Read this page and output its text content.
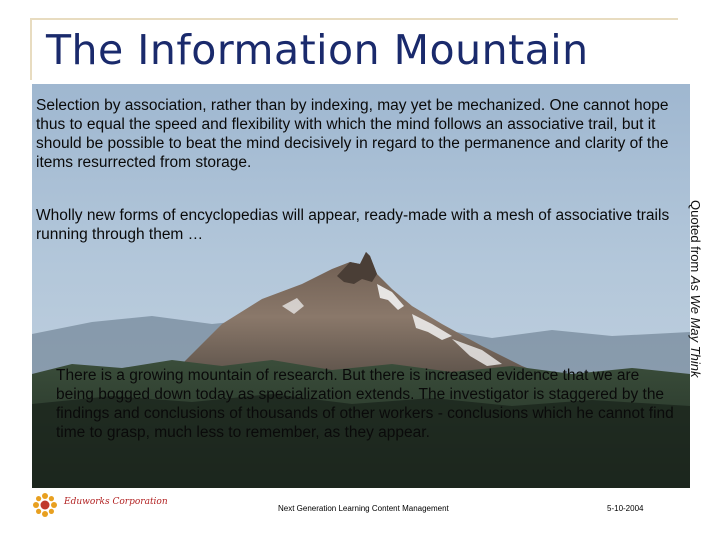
The Information Mountain
Selection by association, rather than by indexing, may yet be mechanized. One cannot hope thus to equal the speed and flexibility with which the mind follows an associative trail, but it should be possible to beat the mind decisively in regard to the permanence and clarity of the items resurrected from storage.
Wholly new forms of encyclopedias will appear, ready-made with a mesh of associative trails running through them …
There is a growing mountain of research. But there is increased evidence that we are being bogged down today as specialization extends. The investigator is staggered by the findings and conclusions of thousands of other workers - conclusions which he cannot find time to grasp, much less to remember, as they appear.
Quoted from As We May Think
Eduworks Corporation
Next Generation Learning Content Management	5-10-2004
